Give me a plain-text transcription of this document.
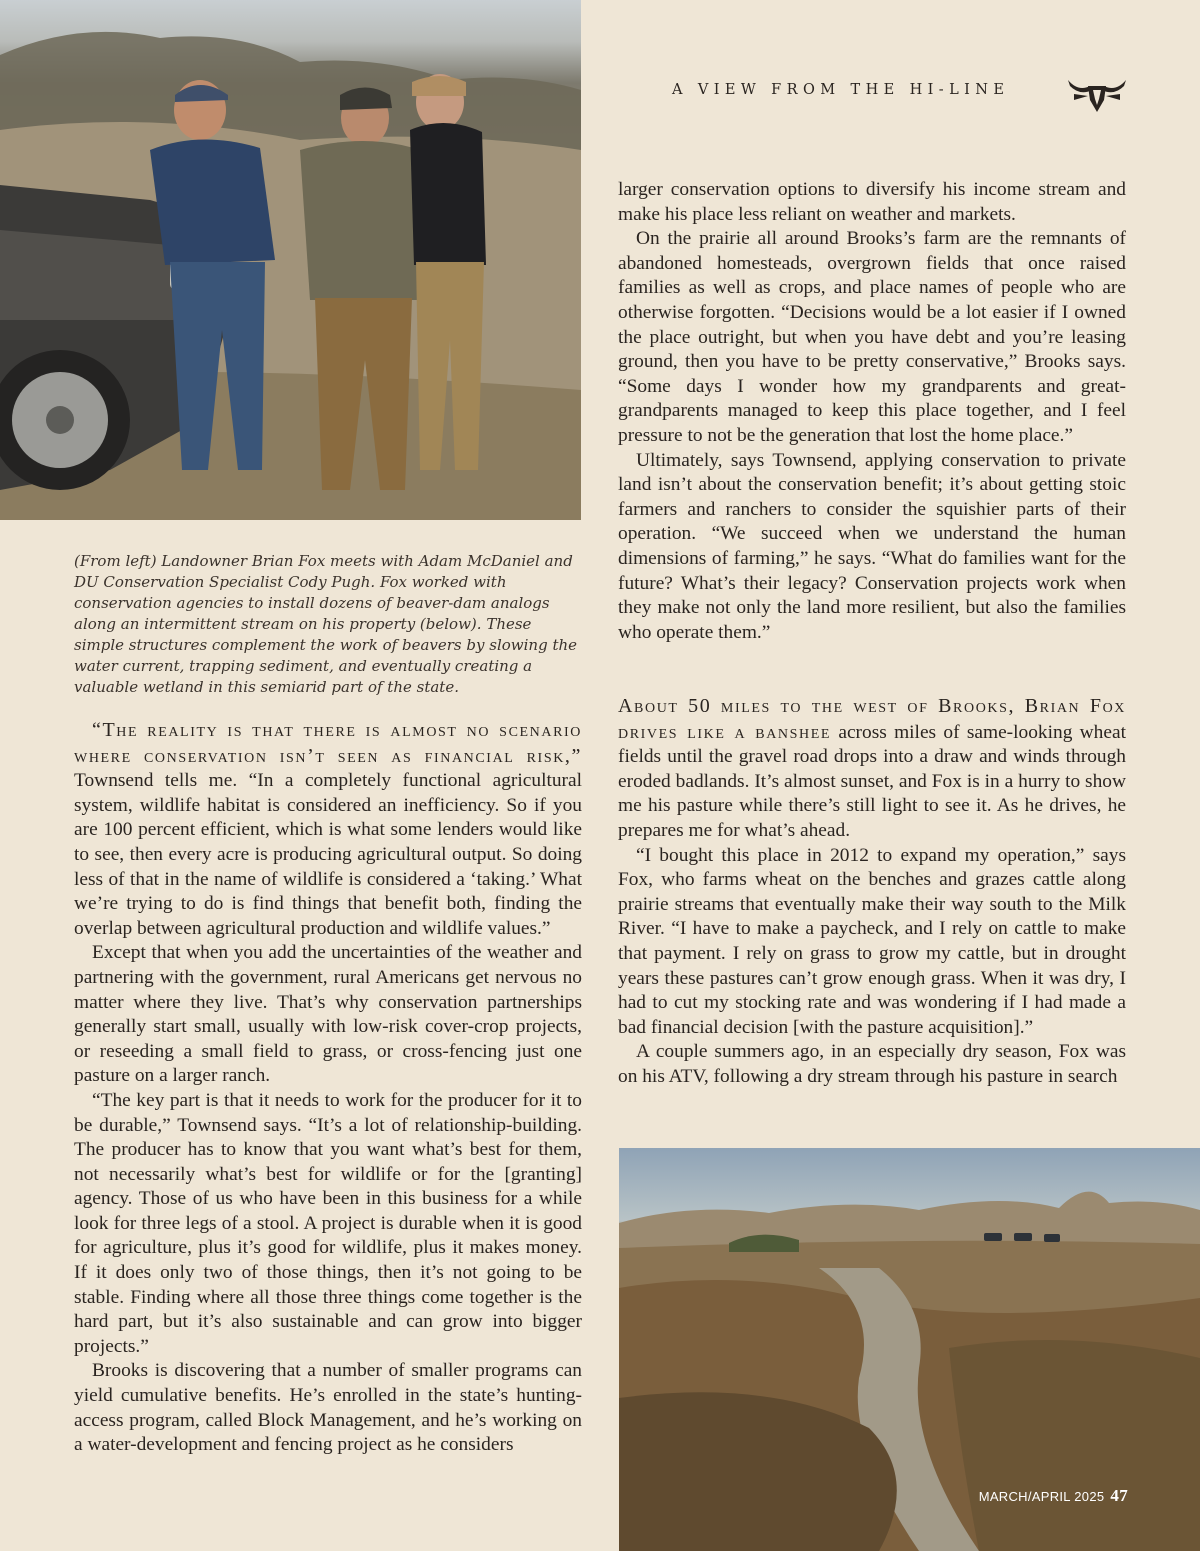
A VIEW FROM THE HI-LINE

(From left) Landowner Brian Fox meets with Adam McDaniel and DU Conservation Specialist Cody Pugh. Fox worked with conservation agencies to install dozens of beaver-dam analogs along an intermittent stream on his property (below). These simple structures complement the work of beavers by slowing the water current, trapping sediment, and eventually creating a valuable wetland in this semiarid part of the state.

larger conservation options to diversify his income stream and make his place less reliant on weather and markets.

On the prairie all around Brooks’s farm are the remnants of abandoned homesteads, overgrown fields that once raised families as well as crops, and place names of people who are otherwise forgotten. “Decisions would be a lot easier if I owned the place outright, but when you have debt and you’re leasing ground, then you have to be pretty conservative,” Brooks says. “Some days I wonder how my grandparents and great-grandparents managed to keep this place together, and I feel pressure to not be the generation that lost the home place.”

Ultimately, says Townsend, applying conservation to private land isn’t about the conservation benefit; it’s about getting stoic farmers and ranchers to consider the squishier parts of their operation. “We succeed when we understand the human dimensions of farming,” he says. “What do families want for the future? What’s their legacy? Conservation projects work when they make not only the land more resilient, but also the families who operate them.”

About 50 miles to the west of Brooks, Brian Fox drives like a banshee across miles of same-looking wheat fields until the gravel road drops into a draw and winds through eroded badlands. It’s almost sunset, and Fox is in a hurry to show me his pasture while there’s still light to see it. As he drives, he prepares me for what’s ahead.

“I bought this place in 2012 to expand my operation,” says Fox, who farms wheat on the benches and grazes cattle along prairie streams that eventually make their way south to the Milk River. “I have to make a paycheck, and I rely on cattle to make that payment. I rely on grass to grow my cattle, but in drought years these pastures can’t grow enough grass. When it was dry, I had to cut my stocking rate and was wondering if I had made a bad financial decision [with the pasture acquisition].”

A couple summers ago, in an especially dry season, Fox was on his ATV, following a dry stream through his pasture in search

“The reality is that there is almost no scenario where conservation isn’t seen as financial risk,” Townsend tells me. “In a completely functional agricultural system, wildlife habitat is considered an inefficiency. So if you are 100 percent efficient, which is what some lenders would like to see, then every acre is producing agricultural output. So doing less of that in the name of wildlife is considered a ‘taking.’ What we’re trying to do is find things that benefit both, finding the overlap between agricultural production and wildlife values.”

Except that when you add the uncertainties of the weather and partnering with the government, rural Americans get nervous no matter where they live. That’s why conservation partnerships generally start small, usually with low-risk cover-crop projects, or reseeding a small field to grass, or cross-fencing just one pasture on a larger ranch.

“The key part is that it needs to work for the producer for it to be durable,” Townsend says. “It’s a lot of relationship-building. The producer has to know that you want what’s best for them, not necessarily what’s best for wildlife or for the [granting] agency. Those of us who have been in this business for a while look for three legs of a stool. A project is durable when it is good for agriculture, plus it’s good for wildlife, plus it makes money. If it does only two of those things, then it’s not going to be stable. Finding where all those three things come together is the hard part, but it’s also sustainable and can grow into bigger projects.”

Brooks is discovering that a number of smaller programs can yield cumulative benefits. He’s enrolled in the state’s hunting-access program, called Block Management, and he’s working on a water-development and fencing project as he considers

MARCH/APRIL 2025 47
